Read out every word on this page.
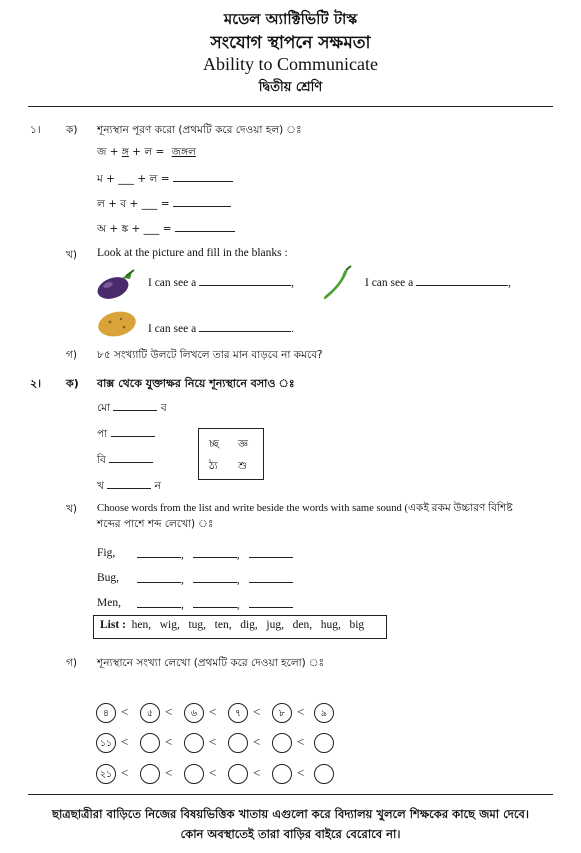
মডেল অ্যাক্টিভিটি টাস্ক
সংযোগ স্থাপনে সক্ষমতা
Ability to Communicate
দ্বিতীয় শ্রেণি
১। ক) শূন্যস্থান পূরণ করো (প্রথমটি করে দেওয়া হল) ঃ
জ + ঙ্গ + ল = জঙ্গল
ম + ___ + ল =
ল + ব + ___ =
অ + ঙ্ক + ___ =
খ) Look at the picture and fill in the blanks :
I can see a	,	I can see a	,
I can see a	.
গ) ৮৫ সংখ্যাটি উলটে লিখলে তার মান বাড়বে না কমবে?
২। ক) বাক্স থেকে যুক্তাক্ষর নিয়ে শূন্যস্থানে বসাও ঃ
মো	ব
পা
বি
খ	ন
চ্ছ জ্ঞ
ঠ্য শু
খ) Choose words from the list and write beside the words with same sound (একই রকম উচ্চারণ বিশিষ্ট
শব্দের পাশে শব্দ লেখো) ঃ
Fig,	,	,
Bug,	,	,
Men,	,	,
List : hen,   wig,   tug,   ten,   dig,   jug,   den,   hug,   big
গ) শূন্যস্থানে সংখ্যা লেখো (প্রথমটি করে দেওয়া হলো) ঃ
৪ <	৫ <	৬ <	৭ <	৮ <	৯
১১ <	<	<	<	<
২১ <	<	<	<	<
ছাত্রছাত্রীরা বাড়িতে নিজের বিষয়ভিত্তিক খাতায় এগুলো করে বিদ্যালয় খুললে শিক্ষকের কাছে জমা দেবে।
কোন অবস্থাতেই তারা বাড়ির বাইরে বেরোবে না।
